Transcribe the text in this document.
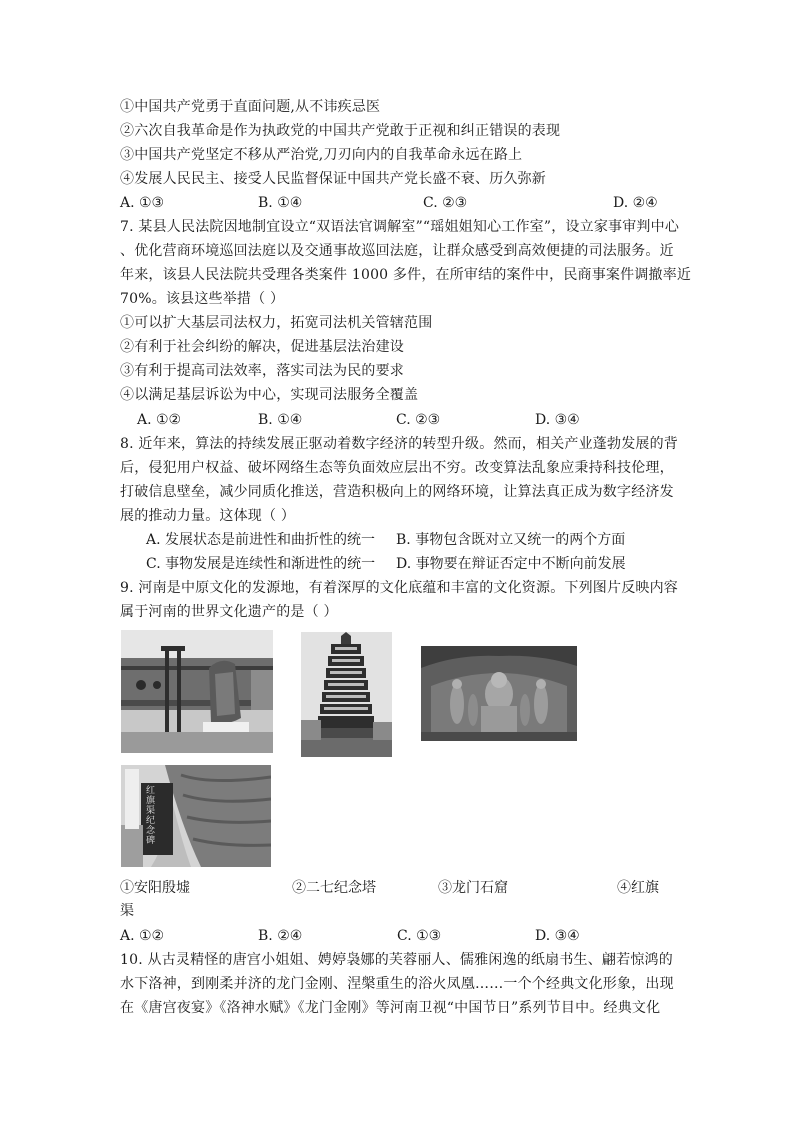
①中国共产党勇于直面问题,从不讳疾忌医
②六次自我革命是作为执政党的中国共产党敢于正视和纠正错误的表现
③中国共产党坚定不移从严治党,刀刃向内的自我革命永远在路上
④发展人民民主、接受人民监督保证中国共产党长盛不衰、历久弥新
A. ①③	B. ①④	C. ②③	D. ②④
7. 某县人民法院因地制宜设立“双语法官调解室”“瑶姐姐知心工作室”，设立家事审判中心
、优化营商环境巡回法庭以及交通事故巡回法庭，让群众感受到高效便捷的司法服务。近
年来，该县人民法院共受理各类案件 1000 多件，在所审结的案件中，民商事案件调撤率近
70%。该县这些举措（ ）
①可以扩大基层司法权力，拓宽司法机关管辖范围
②有利于社会纠纷的解决，促进基层法治建设
③有利于提高司法效率，落实司法为民的要求
④以满足基层诉讼为中心，实现司法服务全覆盖
A. ①②	B. ①④	C. ②③	D. ③④
8. 近年来，算法的持续发展正驱动着数字经济的转型升级。然而，相关产业蓬勃发展的背
后，侵犯用户权益、破坏网络生态等负面效应层出不穷。改变算法乱象应秉持科技伦理，
打破信息壁垒，减少同质化推送，营造积极向上的网络环境，让算法真正成为数字经济发
展的推动力量。这体现（ ）
A. 发展状态是前进性和曲折性的统一 B. 事物包含既对立又统一的两个方面
C. 事物发展是连续性和渐进性的统一 D. 事物要在辩证否定中不断向前发展
9. 河南是中原文化的发源地，有着深厚的文化底蕴和丰富的文化资源。下列图片反映内容
属于河南的世界文化遗产的是（ ）
红旗渠纪念碑
①安阳殷墟	②二七纪念塔	③龙门石窟	④红旗
渠
A. ①②	B. ②④	C. ①③	D. ③④
10. 从古灵精怪的唐宫小姐姐、娉婷袅娜的芙蓉丽人、儒雅闲逸的纸扇书生、翩若惊鸿的
水下洛神，到刚柔并济的龙门金刚、涅槃重生的浴火凤凰……一个个经典文化形象，出现
在《唐宫夜宴》《洛神水赋》《龙门金刚》等河南卫视“中国节日”系列节目中。经典文化
